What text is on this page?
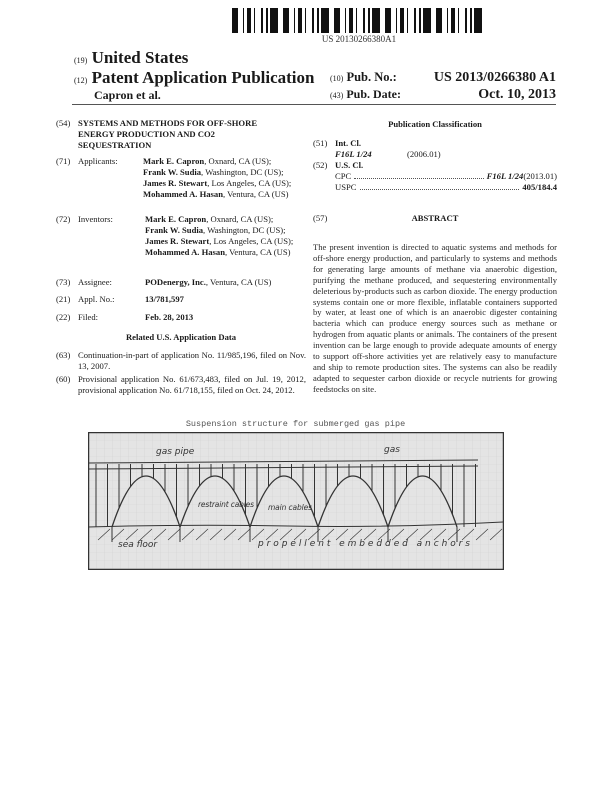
US 20130266380A1
(19) United States
(12) Patent Application Publication
Capron et al.
(10) Pub. No.:	US 2013/0266380 A1
(43) Pub. Date:	Oct. 10, 2013
(54) SYSTEMS AND METHODS FOR OFF-SHORE ENERGY PRODUCTION AND CO2 SEQUESTRATION
(71) Applicants:	Mark E. Capron, Oxnard, CA (US);
Frank W. Sudia, Washington, DC (US);
James R. Stewart, Los Angeles, CA (US); Mohammed A. Hasan, Ventura, CA (US)
(72) Inventors:	Mark E. Capron, Oxnard, CA (US);
Frank W. Sudia, Washington, DC (US);
James R. Stewart, Los Angeles, CA (US); Mohammed A. Hasan, Ventura, CA (US)
(73) Assignee:	PODenergy, Inc., Ventura, CA (US)
(21) Appl. No.:	13/781,597
(22) Filed:	Feb. 28, 2013
Related U.S. Application Data
(63) Continuation-in-part of application No. 11/985,196, filed on Nov. 13, 2007.
(60) Provisional application No. 61/673,483, filed on Jul. 19, 2012, provisional application No. 61/718,155, filed on Oct. 24, 2012.
Publication Classification
(51) Int. Cl.
F16L 1/24	(2006.01)
(52) U.S. Cl.
CPC	F16L 1/24 (2013.01)
USPC	405/184.4
(57)	ABSTRACT
The present invention is directed to aquatic systems and methods for off-shore energy production, and particularly to systems and methods for generating large amounts of methane via anaerobic digestion, purifying the methane produced, and sequestering environmentally deleterious by-products such as carbon dioxide. The energy production systems contain one or more flexible, inflatable containers supported by water, at least one of which is an anaerobic digester containing bacteria which can produce energy sources such as methane or hydrogen from aquatic plants or animals. The containers of the present invention can be large enough to provide adequate amounts of energy to support off-shore activities yet are relatively easy to manufacture and ship to remote production sites. The systems can also be readily adapted to sequester carbon dioxide or recycle nutrients for growing feedstocks on site.
Suspension structure for submerged gas pipe
gas pipe	gas
restraint cables main cables
sea floor	propellent embedded anchors
